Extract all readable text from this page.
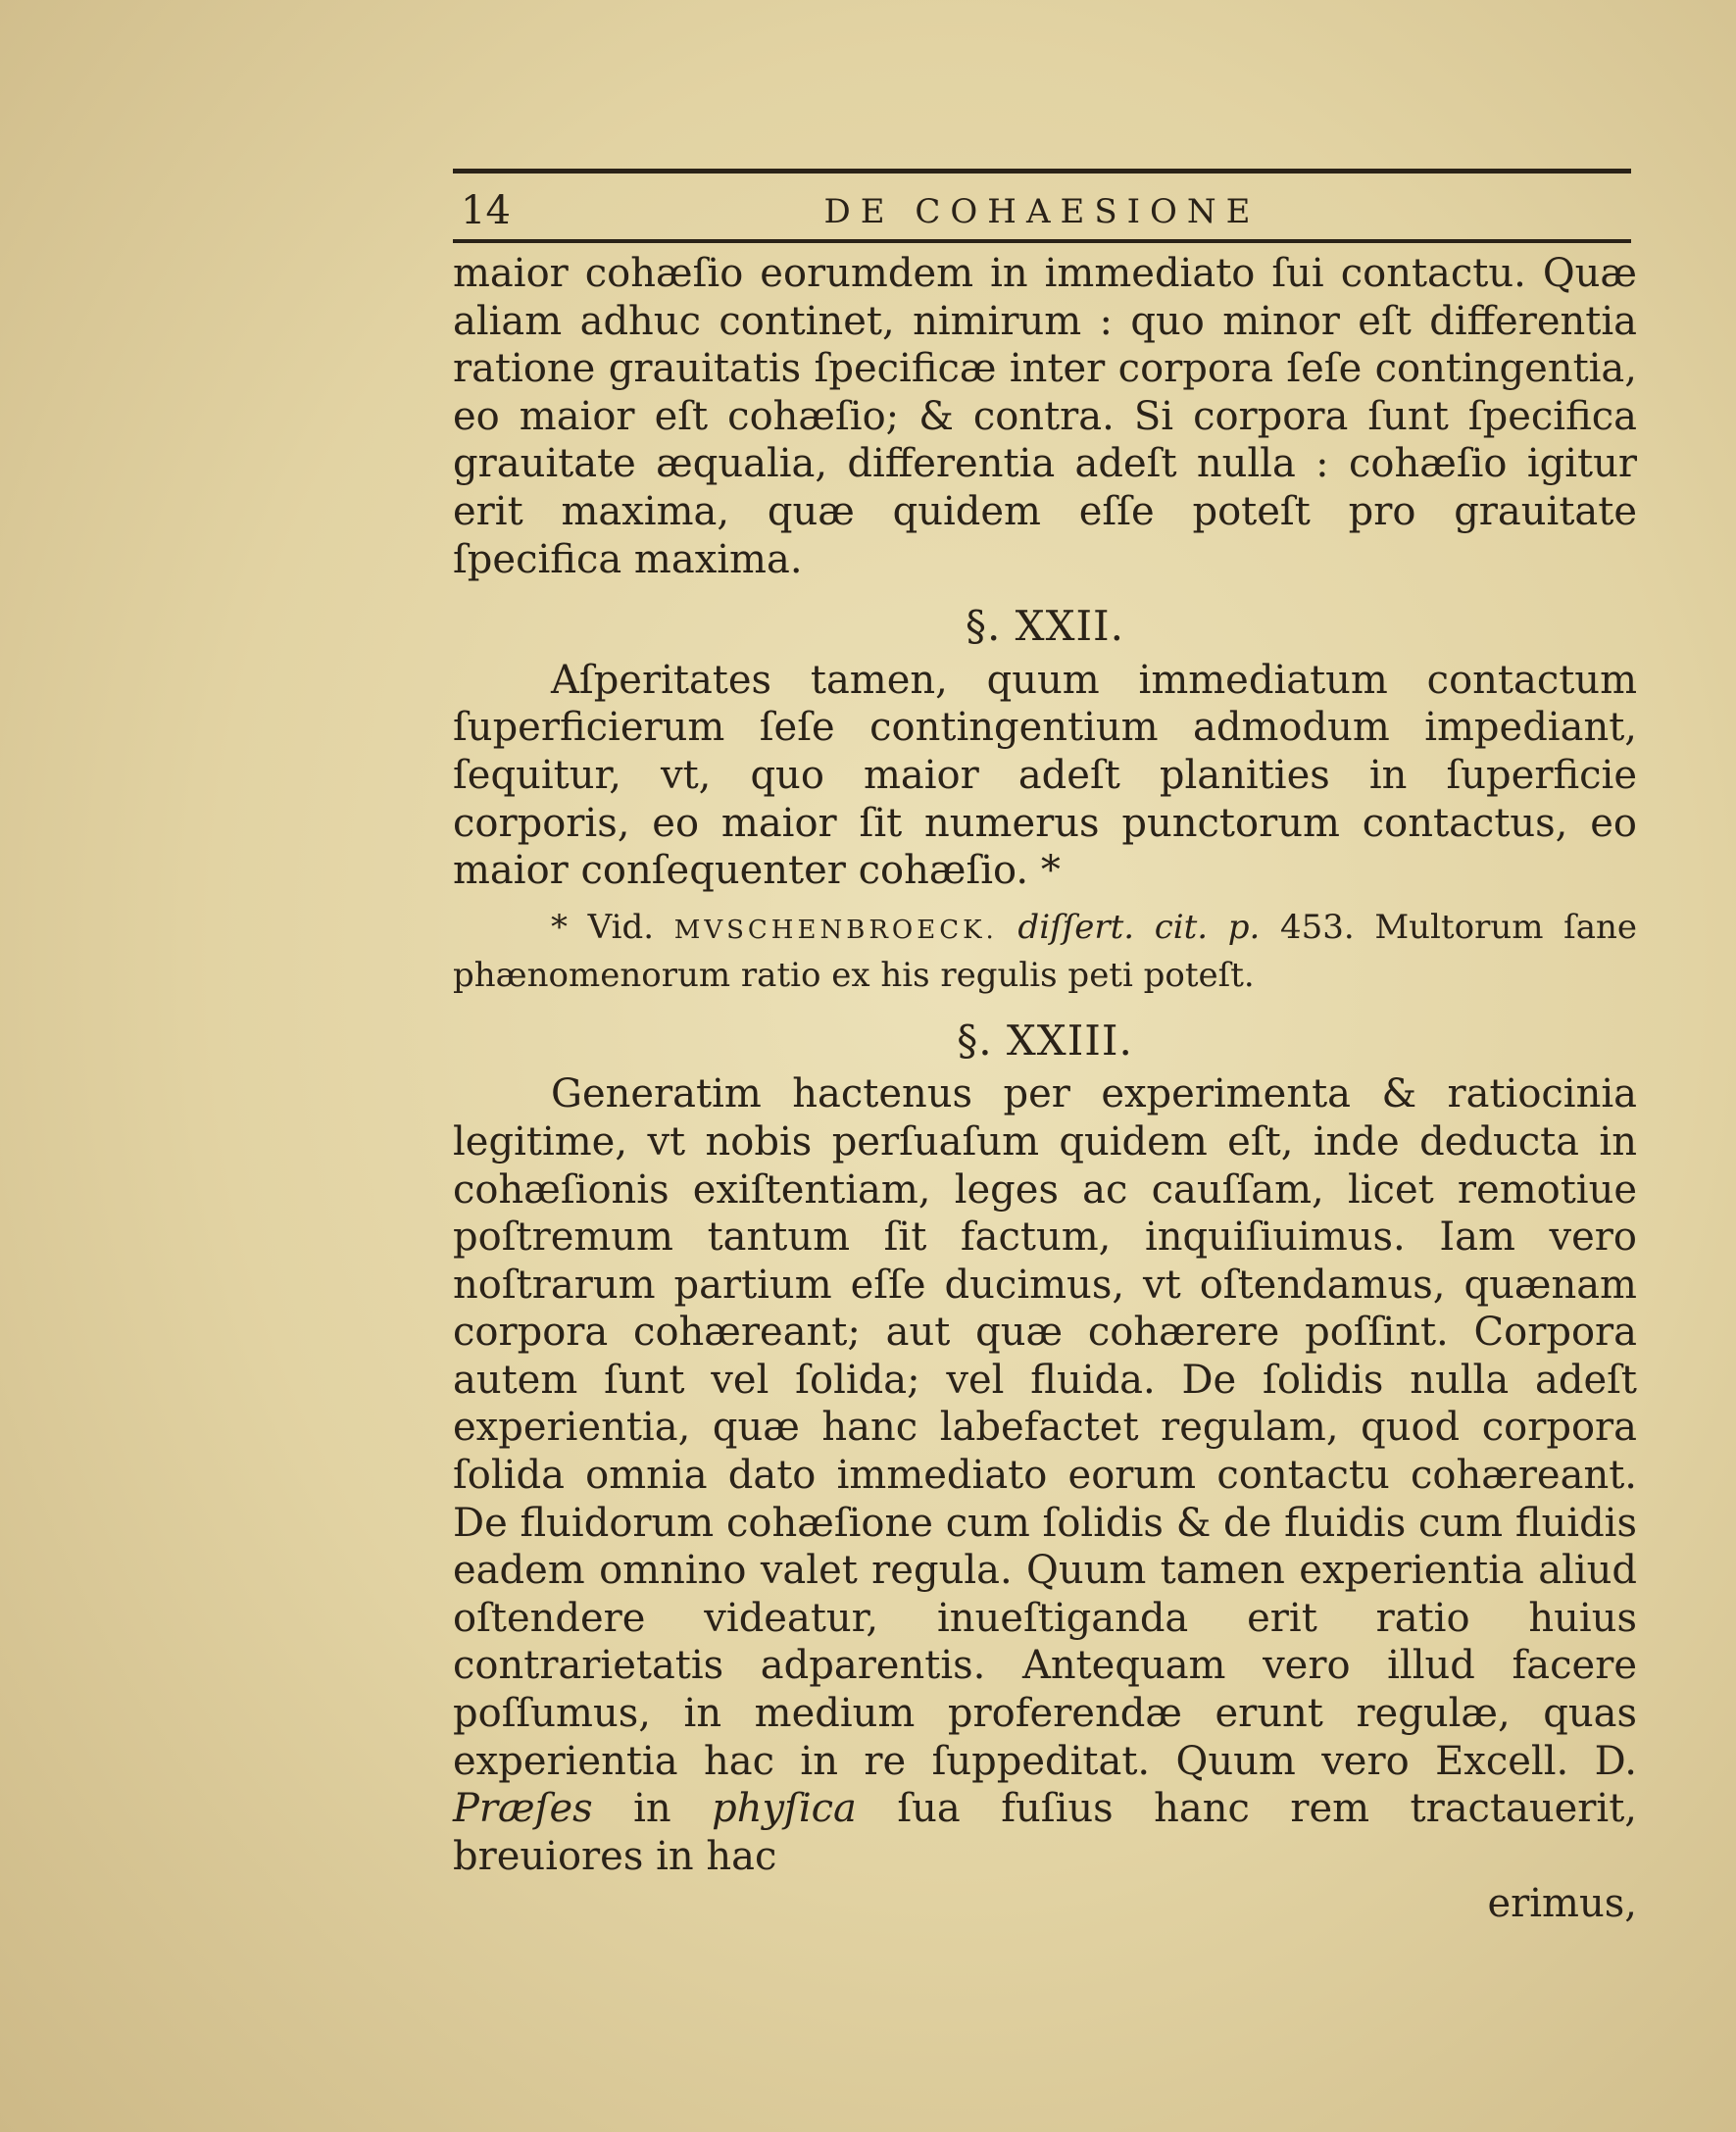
14	DE COHAESIONE

maior cohæſio eorumdem in immediato ſui contactu. Quæ aliam adhuc continet, nimirum : quo minor eſt differentia ratione grauitatis ſpecificæ inter corpora ſeſe contingentia, eo maior eſt cohæſio; & contra. Si corpora ſunt ſpecifica grauitate æqualia, differentia adeſt nulla : cohæſio igitur erit maxima, quæ quidem eſſe poteſt pro grauitate ſpecifica maxima.

§. XXII.

Aſperitates tamen, quum immediatum contactum ſuperficierum ſeſe contingentium admodum impediant, ſequitur, vt, quo maior adeſt planities in ſuperficie corporis, eo maior ſit numerus punctorum contactus, eo maior conſequenter cohæſio. *

* Vid. MVSCHENBROECK. diſſert. cit. p. 453. Multorum ſane phænomenorum ratio ex his regulis peti poteſt.

§. XXIII.

Generatim hactenus per experimenta & ratiocinia legitime, vt nobis perſuaſum quidem eſt, inde deducta in cohæſionis exiſtentiam, leges ac cauſſam, licet remotiue poſtremum tantum ſit factum, inquiſiuimus. Iam vero noſtrarum partium eſſe ducimus, vt oſtendamus, quænam corpora cohæreant; aut quæ cohærere poſſint. Corpora autem ſunt vel ſolida; vel fluida. De ſolidis nulla adeſt experientia, quæ hanc labefactet regulam, quod corpora ſolida omnia dato immediato eorum contactu cohæreant. De fluidorum cohæſione cum ſolidis & de fluidis cum fluidis eadem omnino valet regula. Quum tamen experientia aliud oſtendere videatur, inueſtiganda erit ratio huius contrarietatis adparentis. Antequam vero illud facere poſſumus, in medium proferendæ erunt regulæ, quas experientia hac in re ſuppeditat. Quum vero Excell. D. Præſes in phyſica ſua fuſius hanc rem tractauerit, breuiores in hac

erimus,
